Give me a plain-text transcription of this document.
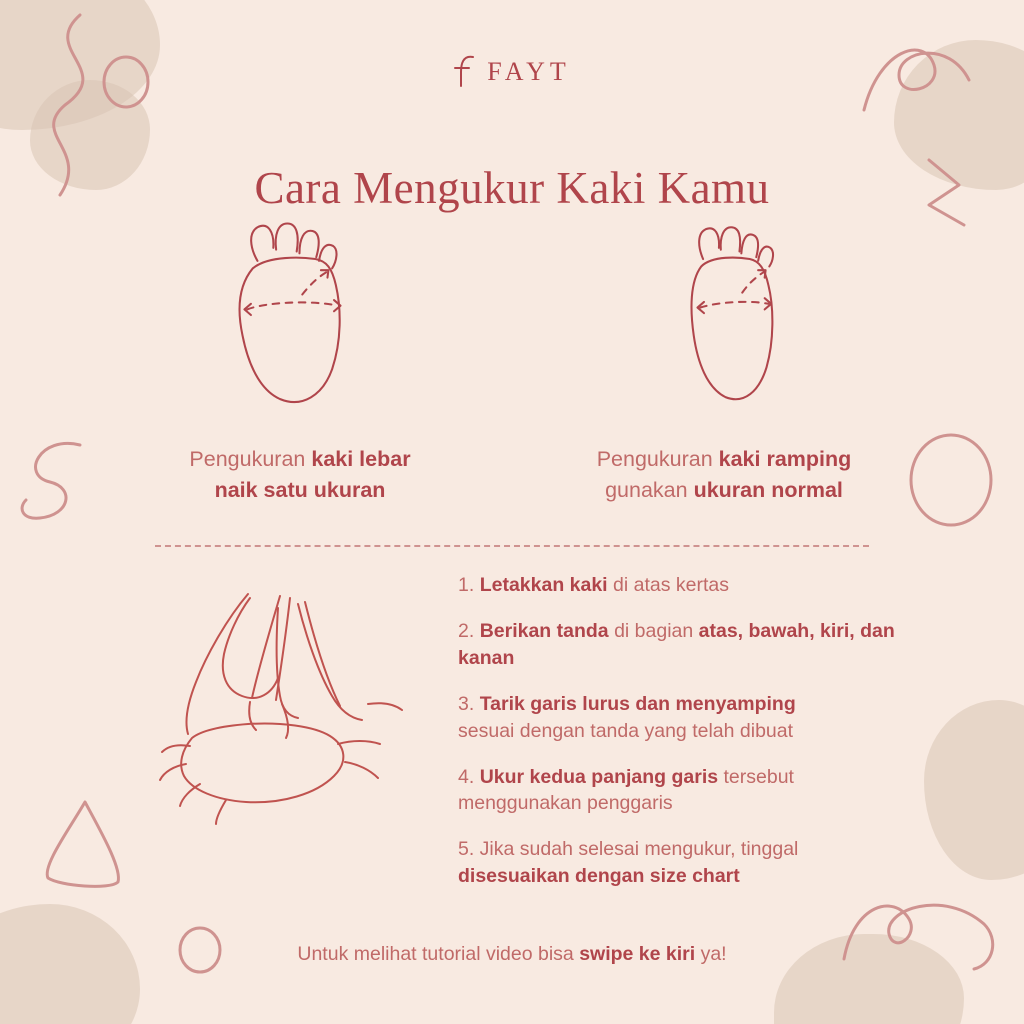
FAYT
Cara Mengukur Kaki Kamu
Pengukuran kaki lebar
naik satu ukuran
Pengukuran kaki ramping
gunakan ukuran normal
1. Letakkan kaki di atas kertas
2. Berikan tanda di bagian atas, bawah, kiri, dan kanan
3. Tarik garis lurus dan menyamping
sesuai dengan tanda yang telah dibuat
4. Ukur kedua panjang garis tersebut
menggunakan penggaris
5. Jika sudah selesai mengukur, tinggal
disesuaikan dengan size chart
Untuk melihat tutorial video bisa swipe ke kiri ya!
